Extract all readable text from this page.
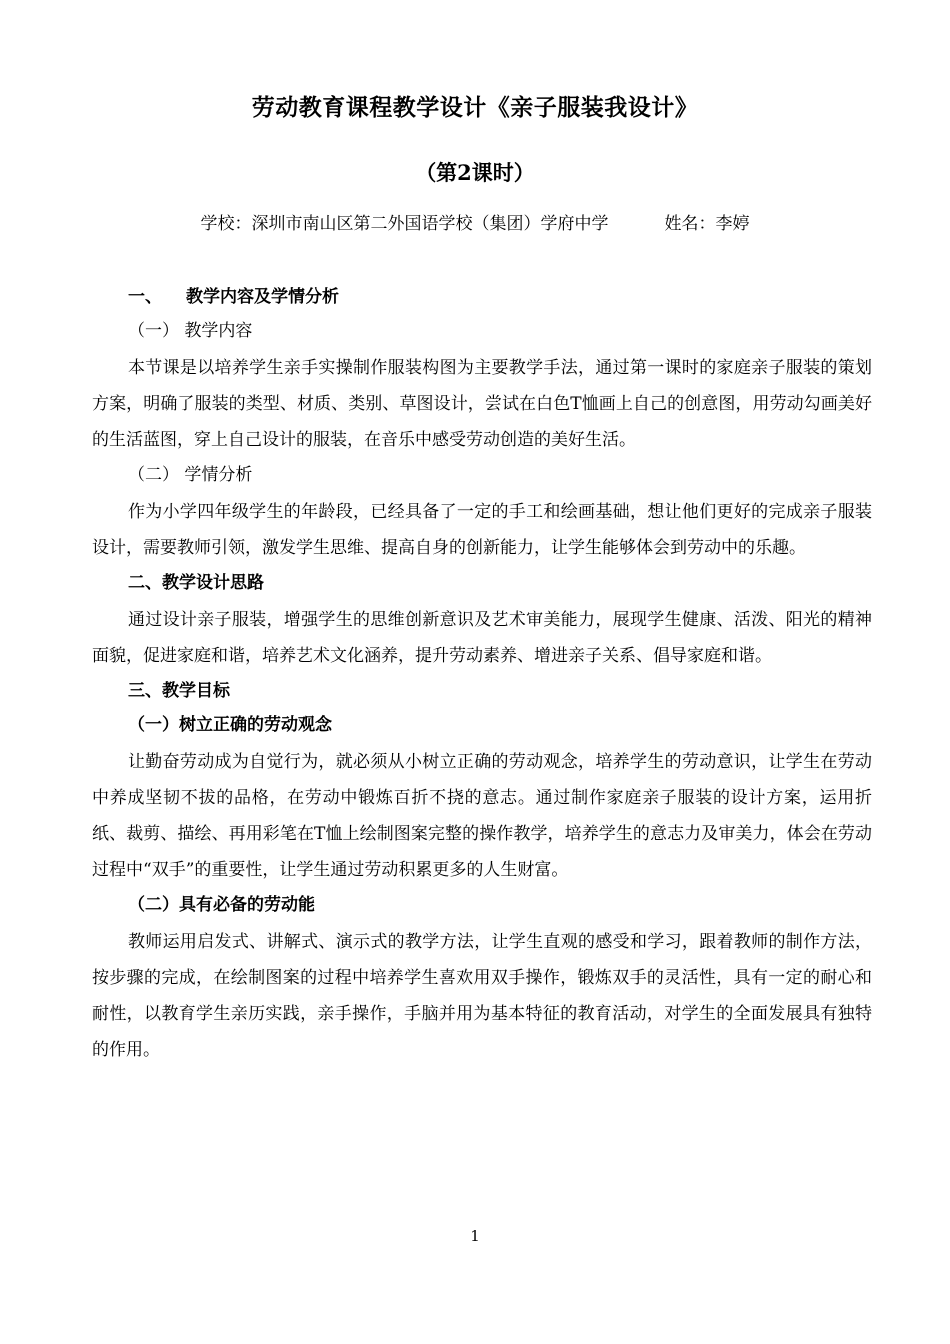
劳动教育课程教学设计《亲子服装我设计》
（第2课时）
学校：深圳市南山区第二外国语学校（集团）学府中学	姓名：李婷
一、 教学内容及学情分析
（一） 教学内容

本节课是以培养学生亲手实操制作服装构图为主要教学手法，通过第一课时的家庭亲子服装的策划方案，明确了服装的类型、材质、类别、草图设计，尝试在白色T恤画上自己的创意图，用劳动勾画美好的生活蓝图，穿上自己设计的服装，在音乐中感受劳动创造的美好生活。

（二） 学情分析

作为小学四年级学生的年龄段，已经具备了一定的手工和绘画基础，想让他们更好的完成亲子服装设计，需要教师引领，激发学生思维、提高自身的创新能力，让学生能够体会到劳动中的乐趣。

二、教学设计思路

通过设计亲子服装，增强学生的思维创新意识及艺术审美能力，展现学生健康、活泼、阳光的精神面貌，促进家庭和谐，培养艺术文化涵养，提升劳动素养、增进亲子关系、倡导家庭和谐。

三、教学目标
（一）树立正确的劳动观念

让勤奋劳动成为自觉行为，就必须从小树立正确的劳动观念，培养学生的劳动意识，让学生在劳动中养成坚韧不拔的品格，在劳动中锻炼百折不挠的意志。通过制作家庭亲子服装的设计方案，运用折纸、裁剪、描绘、再用彩笔在T恤上绘制图案完整的操作教学，培养学生的意志力及审美力，体会在劳动过程中“双手”的重要性，让学生通过劳动积累更多的人生财富。

（二）具有必备的劳动能

教师运用启发式、讲解式、演示式的教学方法，让学生直观的感受和学习，跟着教师的制作方法，按步骤的完成，在绘制图案的过程中培养学生喜欢用双手操作，锻炼双手的灵活性，具有一定的耐心和耐性，以教育学生亲历实践，亲手操作，手脑并用为基本特征的教育活动，对学生的全面发展具有独特的作用。

1
